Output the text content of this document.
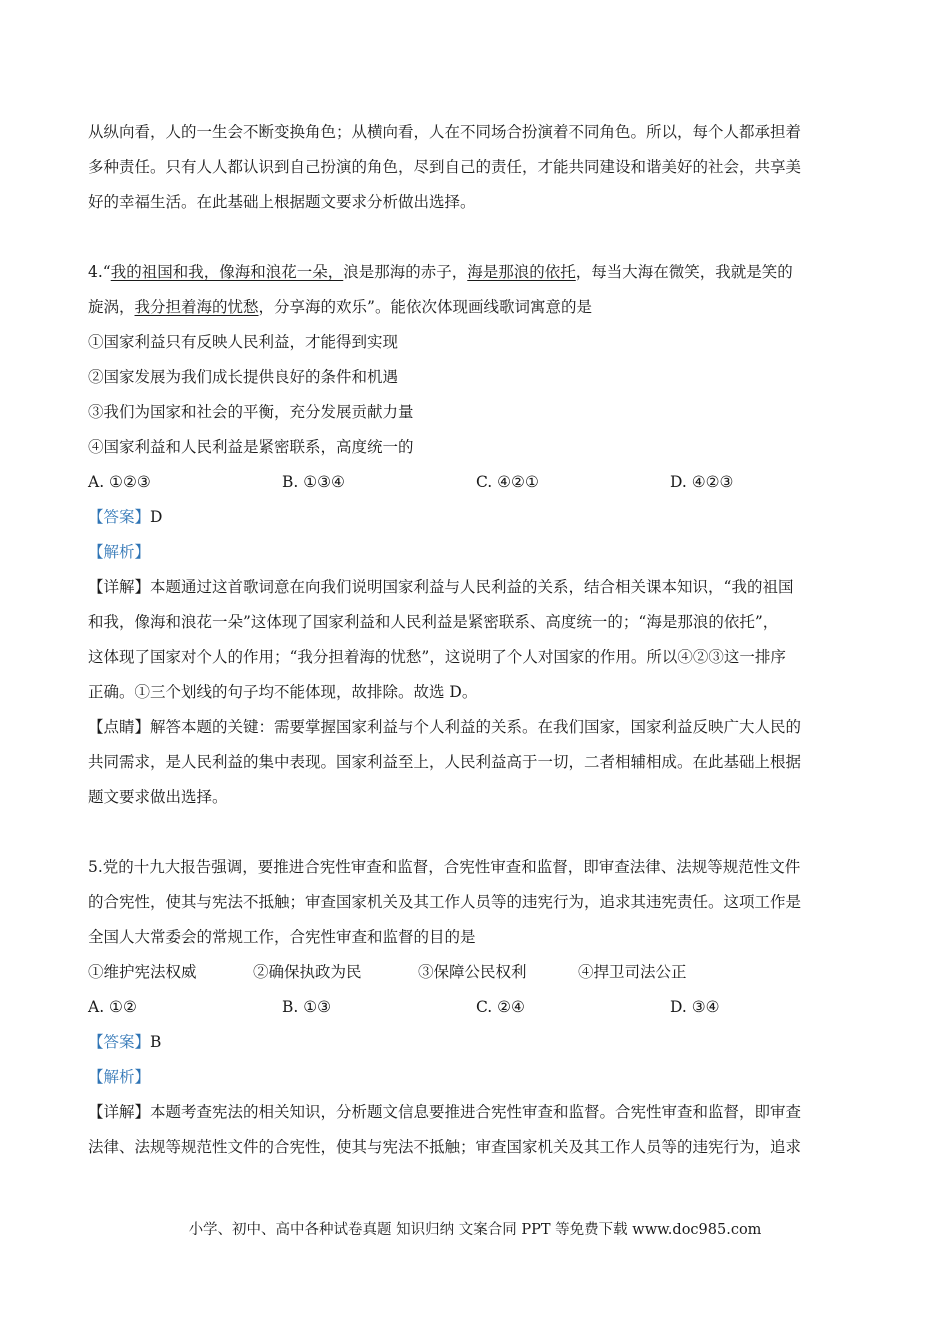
从纵向看，人的一生会不断变换角色；从横向看，人在不同场合扮演着不同角色。所以，每个人都承担着

多种责任。只有人人都认识到自己扮演的角色，尽到自己的责任，才能共同建设和谐美好的社会，共享美

好的幸福生活。在此基础上根据题文要求分析做出选择。

4.“我的祖国和我，像海和浪花一朵，浪是那海的赤子，海是那浪的依托，每当大海在微笑，我就是笑的

旋涡，我分担着海的忧愁，分享海的欢乐”。能依次体现画线歌词寓意的是

①国家利益只有反映人民利益，才能得到实现

②国家发展为我们成长提供良好的条件和机遇

③我们为国家和社会的平衡，充分发展贡献力量

④国家利益和人民利益是紧密联系，高度统一的

A. ①②③	B. ①③④	C. ④②①	D. ④②③

【答案】D

【解析】

【详解】本题通过这首歌词意在向我们说明国家利益与人民利益的关系，结合相关课本知识，“我的祖国

和我，像海和浪花一朵”这体现了国家利益和人民利益是紧密联系、高度统一的；“海是那浪的依托”，

这体现了国家对个人的作用；“我分担着海的忧愁”，这说明了个人对国家的作用。所以④②③这一排序

正确。①三个划线的句子均不能体现，故排除。故选 D。

【点睛】解答本题的关键：需要掌握国家利益与个人利益的关系。在我们国家，国家利益反映广大人民的

共同需求，是人民利益的集中表现。国家利益至上，人民利益高于一切，二者相辅相成。在此基础上根据

题文要求做出选择。

5.党的十九大报告强调，要推进合宪性审查和监督，合宪性审查和监督，即审查法律、法规等规范性文件

的合宪性，使其与宪法不抵触；审查国家机关及其工作人员等的违宪行为，追求其违宪责任。这项工作是

全国人大常委会的常规工作，合宪性审查和监督的目的是

①维护宪法权威	②确保执政为民	③保障公民权利	④捍卫司法公正
A. ①②	B. ①③	C. ②④	D. ③④

【答案】B

【解析】

【详解】本题考查宪法的相关知识，分析题文信息要推进合宪性审查和监督。合宪性审查和监督，即审查

法律、法规等规范性文件的合宪性，使其与宪法不抵触；审查国家机关及其工作人员等的违宪行为，追求

小学、初中、高中各种试卷真题 知识归纳 文案合同 PPT 等免费下载 www.doc985.com
